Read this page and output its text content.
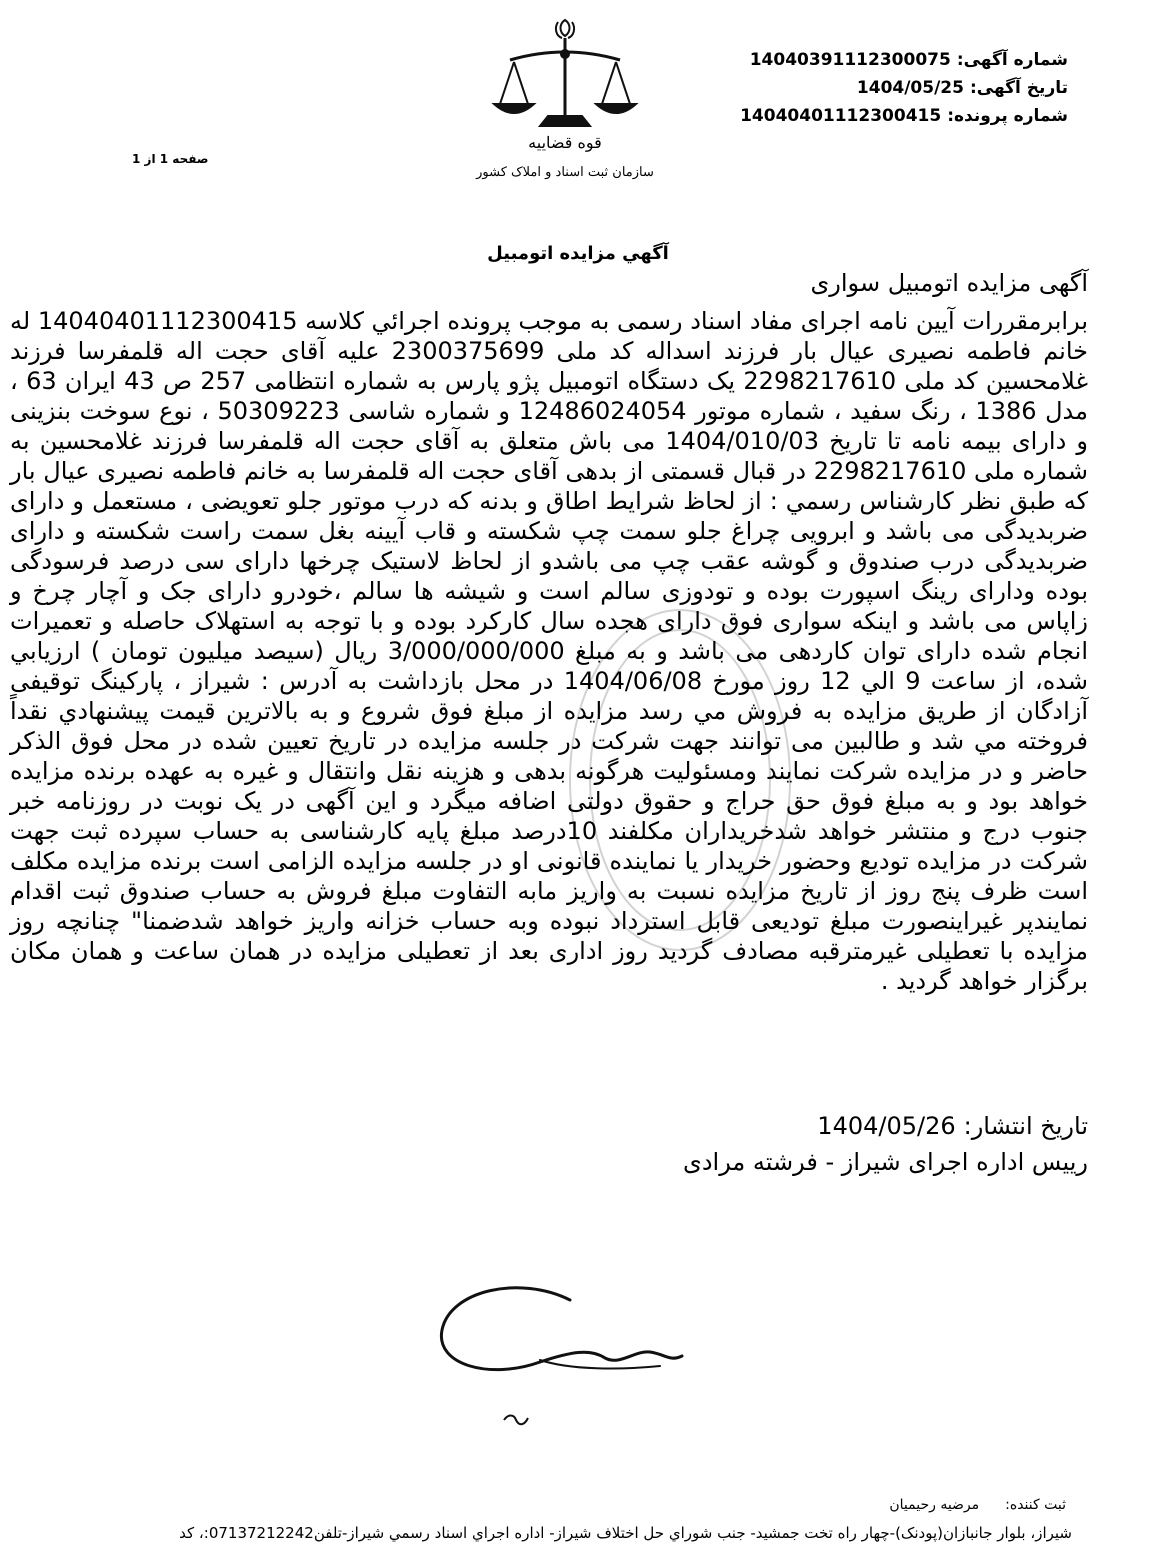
شماره آگهی:14040391112300075
تاریخ آگهی:1404/05/25
شماره پرونده:14040401112300415
صفحه 1 از 1
قوه قضاییه
سازمان ثبت اسناد و املاک کشور
آگهي مزايده اتومبيل

آگهی مزایده اتومبیل سواری

برابرمقررات آیین نامه اجرای مفاد اسناد رسمی به موجب پرونده اجرائي كلاسه 14040401112300415 له خانم فاطمه نصیری عیال بار فرزند اسداله کد ملی 2300375699 علیه آقای حجت اله قلمفرسا فرزند غلامحسین کد ملی 2298217610 یک دستگاه اتومبیل پژو پارس به شماره انتظامی 257 ص 43 ایران 63 ، مدل 1386 ، رنگ سفید ، شماره موتور 12486024054 و شماره شاسی 50309223 ، نوع سوخت بنزینی و دارای بیمه نامه تا تاریخ 1404/010/03 می باش متعلق به آقای حجت اله قلمفرسا فرزند غلامحسین به شماره ملی 2298217610 در قبال قسمتی از بدهی آقای حجت اله قلمفرسا به خانم فاطمه نصیری عیال بار که طبق نظر کارشناس رسمي : از لحاظ شرایط اطاق و بدنه که درب موتور جلو تعویضی ، مستعمل و دارای ضربدیدگی می باشد و ابرویی چراغ جلو سمت چپ شکسته و قاب آیینه بغل سمت راست شکسته و دارای ضربدیدگی درب صندوق و گوشه عقب چپ می باشدو از لحاظ لاستیک چرخها دارای سی درصد فرسودگی بوده ودارای رینگ اسپورت بوده و تودوزی سالم است و شیشه ها سالم ،خودرو دارای جک و آچار چرخ و زاپاس می باشد و اینکه سواری فوق دارای هجده سال کارکرد بوده و با توجه به استهلاک حاصله و تعمیرات انجام شده دارای توان کاردهی می باشد و به مبلغ 3/000/000/000 ريال (سیصد میلیون تومان ) ارزيابي شده، از ساعت 9 الي 12 روز مورخ 1404/06/08 در محل بازداشت به آدرس : شیراز ، پارکینگ توقیفی آزادگان از طريق مزايده به فروش مي رسد مزايده از مبلغ فوق شروع و به بالاترين قيمت پيشنهادي نقداً فروخته مي شد و طالبين می توانند جهت شرکت در جلسه مزایده در تاریخ تعیین شده در محل فوق الذکر حاضر و در مزایده شرکت نمایند ومسئولیت هرگونه بدهی و هزینه نقل وانتقال و غیره به عهده برنده مزایده خواهد بود و به مبلغ فوق حق حراج و حقوق دولتی اضافه میگرد و این آگهی در یک نوبت در روزنامه خبر جنوب درج و منتشر خواهد شدخریداران مکلفند 10درصد مبلغ پایه کارشناسی به حساب سپرده ثبت جهت شرکت در مزایده تودیع وحضور خریدار یا نماینده قانونی او در جلسه مزایده الزامی است برنده مزایده مکلف است ظرف پنج روز از تاریخ مزایده نسبت به واریز مابه التفاوت مبلغ فروش به حساب صندوق ثبت اقدام نمایندپر غیراینصورت مبلغ تودیعی قابل استرداد نبوده وبه حساب خزانه واریز خواهد شدضمنا" چنانچه روز مزایده با تعطیلی غیرمترقبه مصادف گردید روز اداری بعد از تعطیلی مزایده در همان ساعت و همان مکان برگزار خواهد گردید .

تاریخ انتشار:1404/05/26
رییس اداره اجرای شیراز - فرشته مرادی
ثبت کننده:مرضیه رحیمیان
شیراز، بلوار جانبازان(پودنک)-چهار راه تخت جمشید- جنب شوراي حل اختلاف شیراز- اداره اجراي اسناد رسمي شیراز-تلفن07137212242:، کد
